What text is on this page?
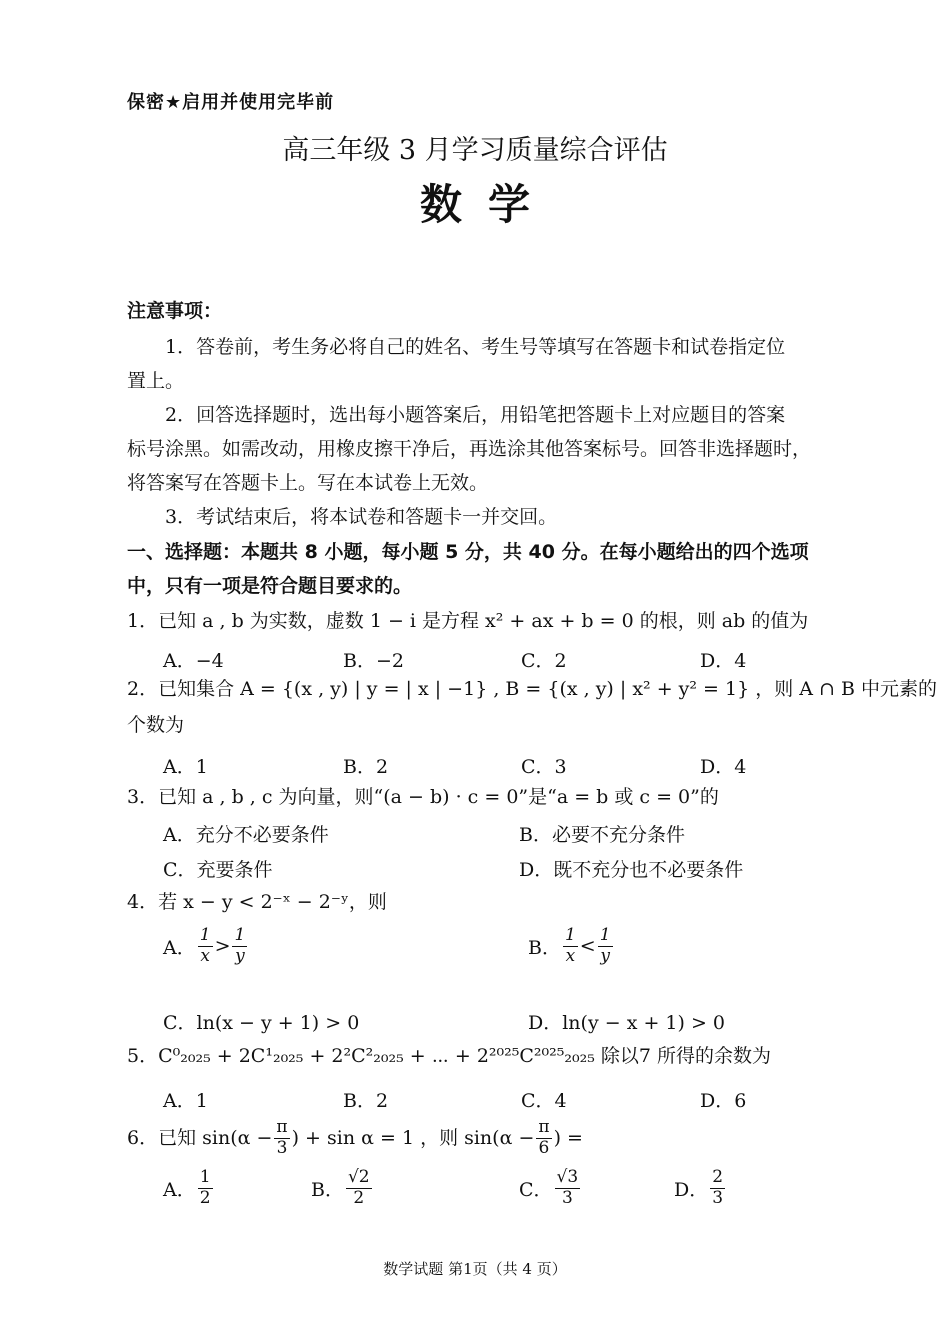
保密★启用并使用完毕前
高三年级 3 月学习质量综合评估
数学
注意事项：
1．答卷前，考生务必将自己的姓名、考生号等填写在答题卡和试卷指定位
置上。
2．回答选择题时，选出每小题答案后，用铅笔把答题卡上对应题目的答案
标号涂黑。如需改动，用橡皮擦干净后，再选涂其他答案标号。回答非选择题时，
将答案写在答题卡上。写在本试卷上无效。
3．考试结束后，将本试卷和答题卡一并交回。
一、选择题：本题共 8 小题，每小题 5 分，共 40 分。在每小题给出的四个选项
中，只有一项是符合题目要求的。
1．已知 a , b 为实数，虚数 1 − i 是方程 x² + ax + b = 0 的根，则 ab 的值为
A．−4	B．−2	C．2	D．4
2．已知集合 A = {(x , y) | y = | x | −1} , B = {(x , y) | x² + y² = 1} ，则 A ∩ B 中元素的
个数为
A．1	B．2	C．3	D．4
3．已知 a , b , c 为向量，则“(a − b) · c = 0”是“a = b 或 c = 0”的
A．充分不必要条件	B．必要不充分条件
C．充要条件	D．既不充分也不必要条件
4．若 x − y < 2⁻ˣ − 2⁻ʸ，则
A． $\frac{1}{x} > \frac{1}{y}$	B． $\frac{1}{x} < \frac{1}{y}$
C．ln(x − y + 1) > 0	D．ln(y − x + 1) > 0
5．C⁰₂₀₂₅ + 2C¹₂₀₂₅ + 2²C²₂₀₂₅ + ⋯ + 2²⁰²⁵C²⁰²⁵₂₀₂₅ 除以7 所得的余数为
A．1	B．2	C．4	D．6
6．已知 $\sin(\alpha - \frac{\pi}{3}$ ) + sin α = 1 ，则 $\sin(\alpha - \frac{\pi}{6}$ ) =
A． $\frac{1}{2}$	B． $\frac{√2}{2}$	C． $\frac{√3}{3}$	D． $\frac{2}{3}$
数学试题 第1页（共 4 页）
